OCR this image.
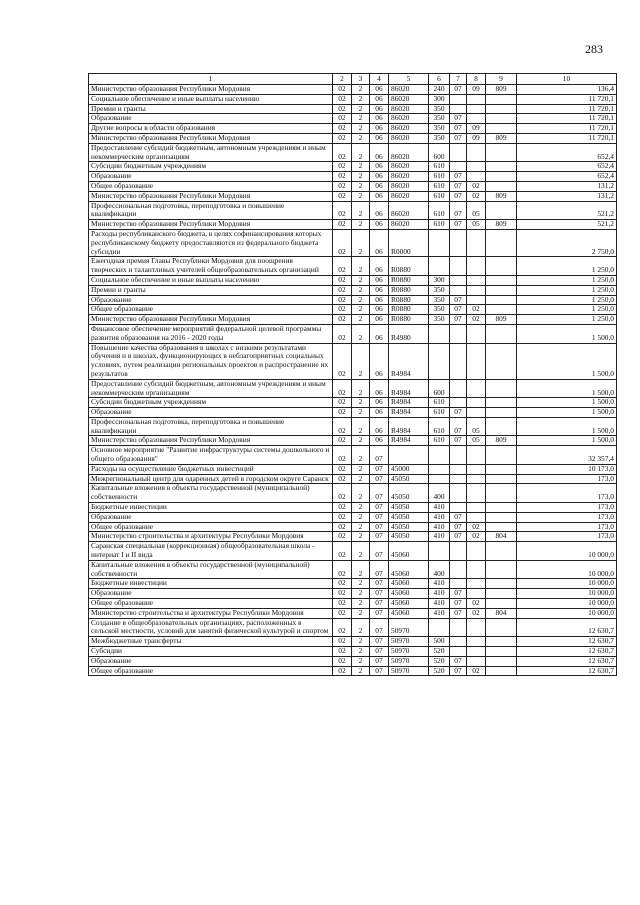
283
1	2	3	4	5	6	7	8	9	10
Министерство образования Республики Мордовия	02	2	06	86020	240	07	09	809	136,4
Социальное обеспечение и иные выплаты населению	02	2	06	86020	300				11 720,1
Премии и гранты	02	2	06	86020	350				11 720,1
Образование	02	2	06	86020	350	07			11 720,1
Другие вопросы в области образования	02	2	06	86020	350	07	09		11 720,1
Министерство образования Республики Мордовия	02	2	06	86020	350	07	09	809	11 720,1
Предоставление субсидий бюджетным, автономным учреждениям и иным некоммерческим организациям	02	2	06	86020	600				652,4
Субсидии бюджетным учреждениям	02	2	06	86020	610				652,4
Образование	02	2	06	86020	610	07			652,4
Общее образование	02	2	06	86020	610	07	02		131,2
Министерство образования Республики Мордовия	02	2	06	86020	610	07	02	809	131,2
Профессиональная подготовка, переподготовка и повышение квалификации	02	2	06	86020	610	07	05		521,2
Министерство образования Республики Мордовия	02	2	06	86020	610	07	05	809	521,2
Расходы республиканского бюджета, в целях софинансирования которых республиканскому бюджету предоставляются из федерального бюджета субсидии	02	2	06	R0000					2 750,0
Ежегодная премия Главы Республики Мордовия для поощрения творческих и талантливых учителей общеобразовательных организаций	02	2	06	R0880					1 250,0
Социальное обеспечение и иные выплаты населению	02	2	06	R0880	300				1 250,0
Премии и гранты	02	2	06	R0880	350				1 250,0
Образование	02	2	06	R0880	350	07			1 250,0
Общее образование	02	2	06	R0880	350	07	02		1 250,0
Министерство образования Республики Мордовия	02	2	06	R0880	350	07	02	809	1 250,0
Финансовое обеспечение мероприятий федеральной целевой программы развития образования на 2016 - 2020 годы	02	2	06	R4980					1 500,0
Повышение качества образования в школах с низкими результатами обучения и в школах, функционирующих в неблагоприятных социальных условиях, путем реализации региональных проектов и распространение их результатов	02	2	06	R4984					1 500,0
Предоставление субсидий бюджетным, автономным учреждениям и иным некоммерческим организациям	02	2	06	R4984	600				1 500,0
Субсидии бюджетным учреждениям	02	2	06	R4984	610				1 500,0
Образование	02	2	06	R4984	610	07			1 500,0
Профессиональная подготовка, переподготовка и повышение квалификации	02	2	06	R4984	610	07	05		1 500,0
Министерство образования Республики Мордовия	02	2	06	R4984	610	07	05	809	1 500,0
Основное мероприятие "Развитие инфраструктуры системы дошкольного и общего образования"	02	2	07						32 357,4
Расходы на осуществление бюджетных инвестиций	02	2	07	45000					10 173,0
Межрегиональный центр для одаренных детей в городском округе Саранск	02	2	07	45050					173,0
Капитальные вложения в объекты государственной (муниципальной) собственности	02	2	07	45050	400				173,0
Бюджетные инвестиции	02	2	07	45050	410				173,0
Образование	02	2	07	45050	410	07			173,0
Общее образование	02	2	07	45050	410	07	02		173,0
Министерство строительства и архитектуры Республики Мордовия	02	2	07	45050	410	07	02	804	173,0
Саранская специальная (коррекционная) общеобразовательная школа - интернат I и II вида	02	2	07	45060					10 000,0
Капитальные вложения в объекты государственной (муниципальной) собственности	02	2	07	45060	400				10 000,0
Бюджетные инвестиции	02	2	07	45060	410				10 000,0
Образование	02	2	07	45060	410	07			10 000,0
Общее образование	02	2	07	45060	410	07	02		10 000,0
Министерство строительства и архитектуры Республики Мордовия	02	2	07	45060	410	07	02	804	10 000,0
Создание в общеобразовательных организациях, расположенных в сельской местности, условий для занятий физической культурой и спортом	02	2	07	50970					12 630,7
Межбюджетные трансферты	02	2	07	50970	500				12 630,7
Субсидии	02	2	07	50970	520				12 630,7
Образование	02	2	07	50970	520	07			12 630,7
Общее образование	02	2	07	50970	520	07	02		12 630,7
